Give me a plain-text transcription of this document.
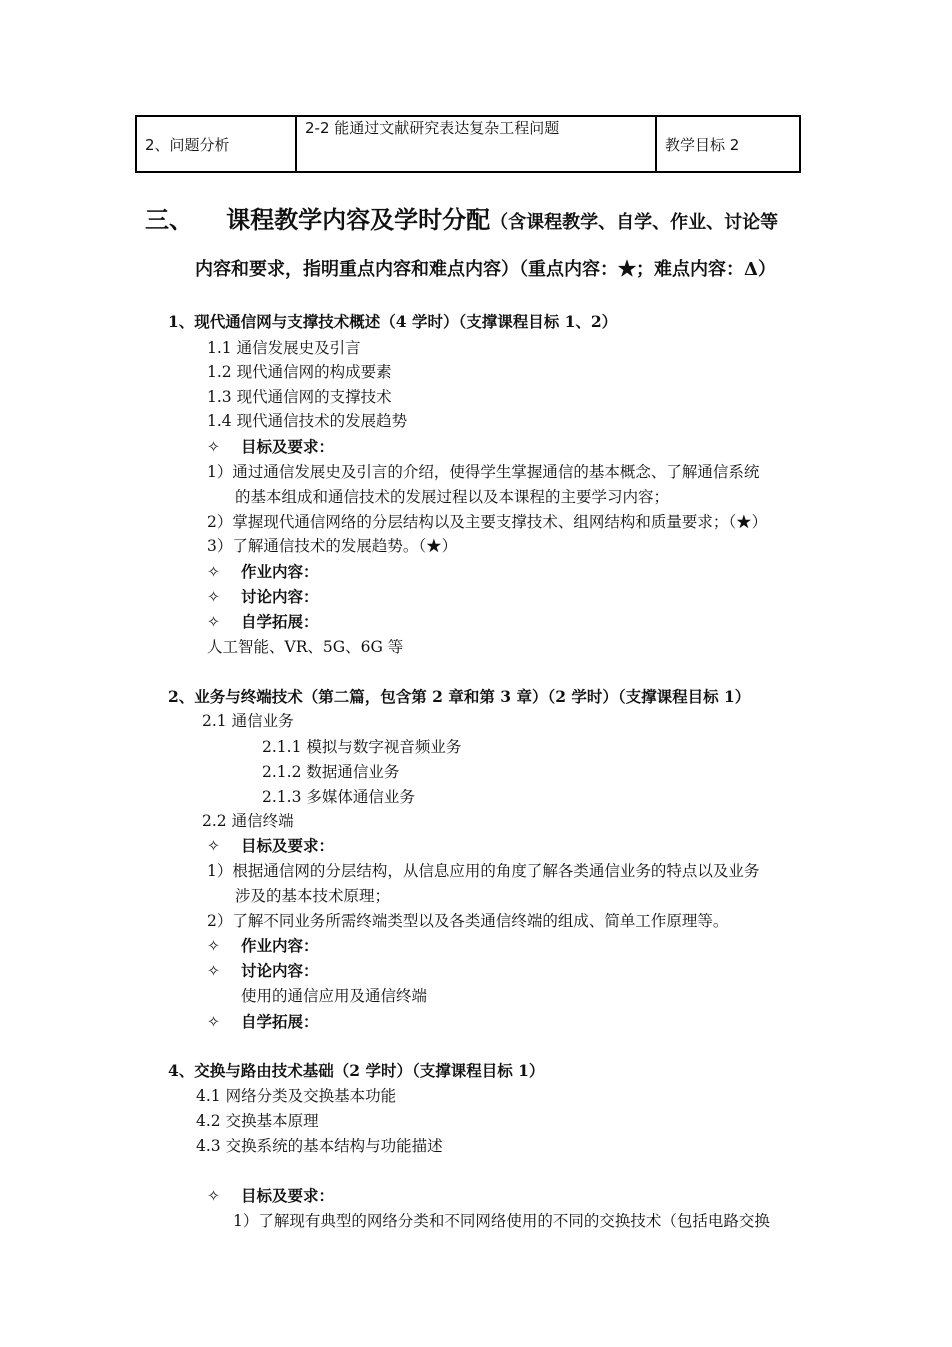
2、问题分析	2-2 能通过文献研究表达复杂工程问题	教学目标 2
三、 课程教学内容及学时分配（含课程教学、自学、作业、讨论等
内容和要求，指明重点内容和难点内容）（重点内容：★；难点内容：Δ）
1、现代通信网与支撑技术概述（4 学时）（支撑课程目标 1、2）
1.1 通信发展史及引言
1.2 现代通信网的构成要素
1.3 现代通信网的支撑技术
1.4 现代通信技术的发展趋势
✧ 目标及要求：
1）通过通信发展史及引言的介绍，使得学生掌握通信的基本概念、了解通信系统
的基本组成和通信技术的发展过程以及本课程的主要学习内容；
2）掌握现代通信网络的分层结构以及主要支撑技术、组网结构和质量要求；（★）
3）了解通信技术的发展趋势。（★）
✧ 作业内容：
✧ 讨论内容：
✧ 自学拓展：
人工智能、VR、5G、6G 等
2、业务与终端技术（第二篇，包含第 2 章和第 3 章）（2 学时）（支撑课程目标 1）
2.1 通信业务
2.1.1 模拟与数字视音频业务
2.1.2 数据通信业务
2.1.3 多媒体通信业务
2.2 通信终端
✧ 目标及要求：
1）根据通信网的分层结构，从信息应用的角度了解各类通信业务的特点以及业务
涉及的基本技术原理；
2）了解不同业务所需终端类型以及各类通信终端的组成、简单工作原理等。
✧ 作业内容：
✧ 讨论内容：
使用的通信应用及通信终端
✧ 自学拓展：
4、交换与路由技术基础（2 学时）（支撑课程目标 1）
4.1 网络分类及交换基本功能
4.2 交换基本原理
4.3 交换系统的基本结构与功能描述
✧ 目标及要求：
1）了解现有典型的网络分类和不同网络使用的不同的交换技术（包括电路交换
